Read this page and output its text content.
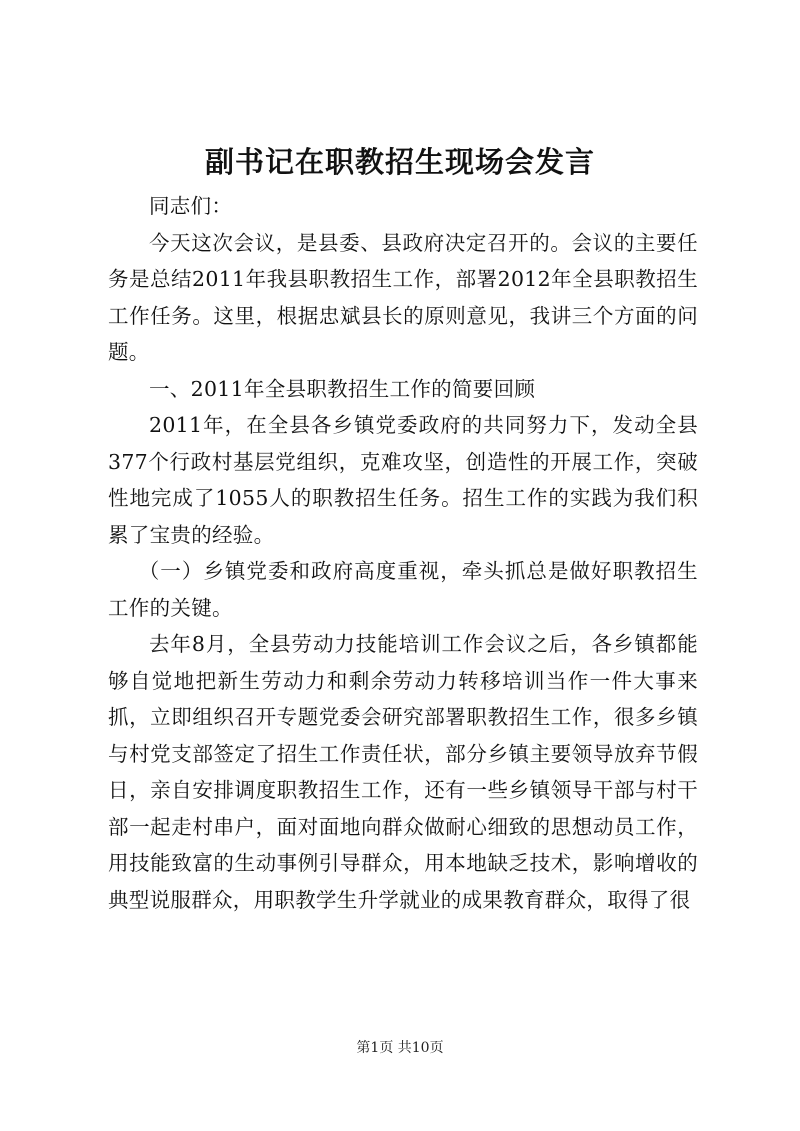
副书记在职教招生现场会发言

同志们：

今天这次会议，是县委、县政府决定召开的。会议的主要任务是总结2011年我县职教招生工作，部署2012年全县职教招生工作任务。这里，根据忠斌县长的原则意见，我讲三个方面的问题。

一、2011年全县职教招生工作的简要回顾

2011年，在全县各乡镇党委政府的共同努力下，发动全县377个行政村基层党组织，克难攻坚，创造性的开展工作，突破性地完成了1055人的职教招生任务。招生工作的实践为我们积累了宝贵的经验。

（一）乡镇党委和政府高度重视，牵头抓总是做好职教招生工作的关键。

去年8月，全县劳动力技能培训工作会议之后，各乡镇都能够自觉地把新生劳动力和剩余劳动力转移培训当作一件大事来抓，立即组织召开专题党委会研究部署职教招生工作，很多乡镇与村党支部签定了招生工作责任状，部分乡镇主要领导放弃节假日，亲自安排调度职教招生工作，还有一些乡镇领导干部与村干部一起走村串户，面对面地向群众做耐心细致的思想动员工作，用技能致富的生动事例引导群众，用本地缺乏技术，影响增收的典型说服群众，用职教学生升学就业的成果教育群众，取得了很

第1页 共10页
